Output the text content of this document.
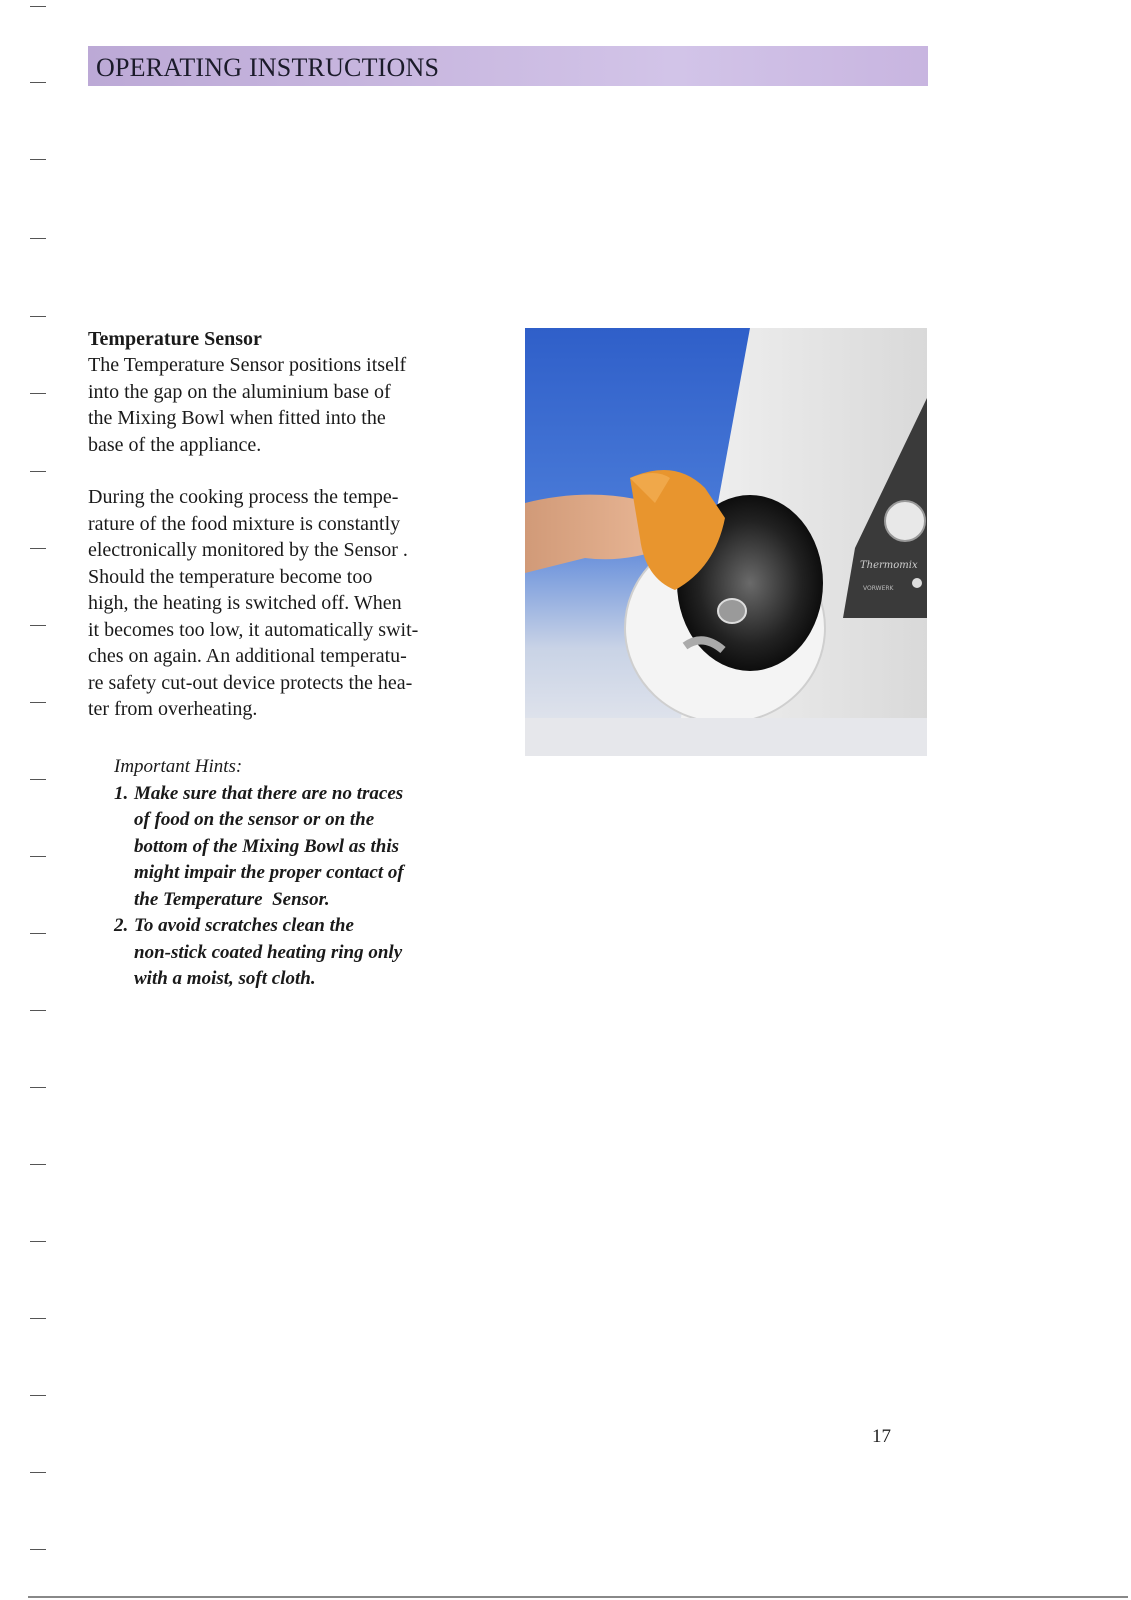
OPERATING INSTRUCTIONS
Temperature Sensor
The Temperature Sensor positions itself
into the gap on the aluminium base of
the Mixing Bowl when fitted into the
base of the appliance.
During the cooking process the tempe-
rature of the food mixture is constantly
electronically monitored by the Sensor .
Should the temperature become too
high, the heating is switched off. When
it becomes too low, it automatically swit-
ches on again. An additional temperatu-
re safety cut-out device protects the hea-
ter from overheating.
Important Hints:
1. Make sure that there are no traces
of food on the sensor or on the
bottom of the Mixing Bowl as this
might impair the proper contact of
the Temperature  Sensor.
2. To avoid scratches clean the
non-stick coated heating ring only
with a moist, soft cloth.
Thermomix
VORWERK
17
